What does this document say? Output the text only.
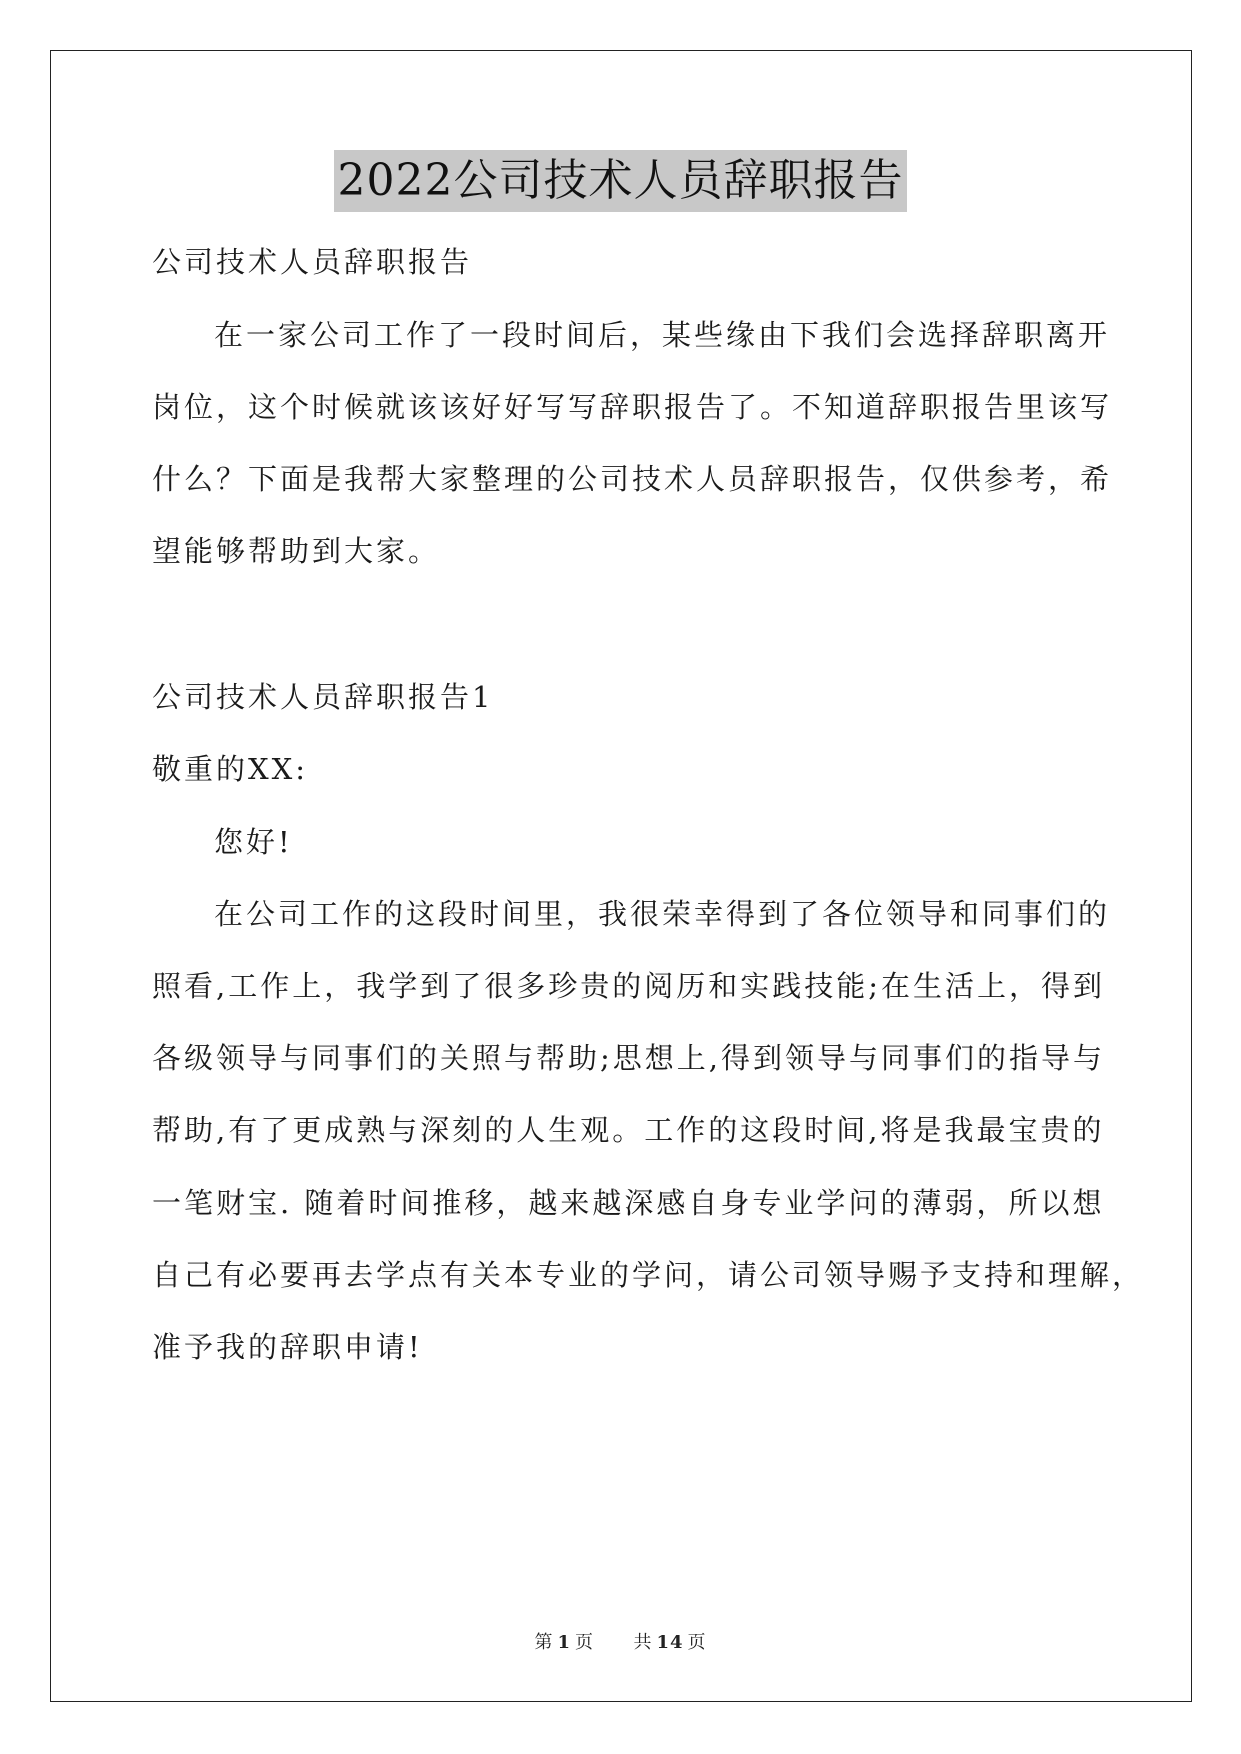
2022公司技术人员辞职报告
公司技术人员辞职报告
在一家公司工作了一段时间后，某些缘由下我们会选择辞职离开
岗位，这个时候就该该好好写写辞职报告了。不知道辞职报告里该写
什么？下面是我帮大家整理的公司技术人员辞职报告，仅供参考，希
望能够帮助到大家。
公司技术人员辞职报告1
敬重的XX:
您好!
在公司工作的这段时间里，我很荣幸得到了各位领导和同事们的
照看,工作上，我学到了很多珍贵的阅历和实践技能;在生活上，得到
各级领导与同事们的关照与帮助;思想上,得到领导与同事们的指导与
帮助,有了更成熟与深刻的人生观。工作的这段时间,将是我最宝贵的
一笔财宝. 随着时间推移，越来越深感自身专业学问的薄弱，所以想
自己有必要再去学点有关本专业的学问，请公司领导赐予支持和理解，
准予我的辞职申请!
第 1 页 共 14 页
